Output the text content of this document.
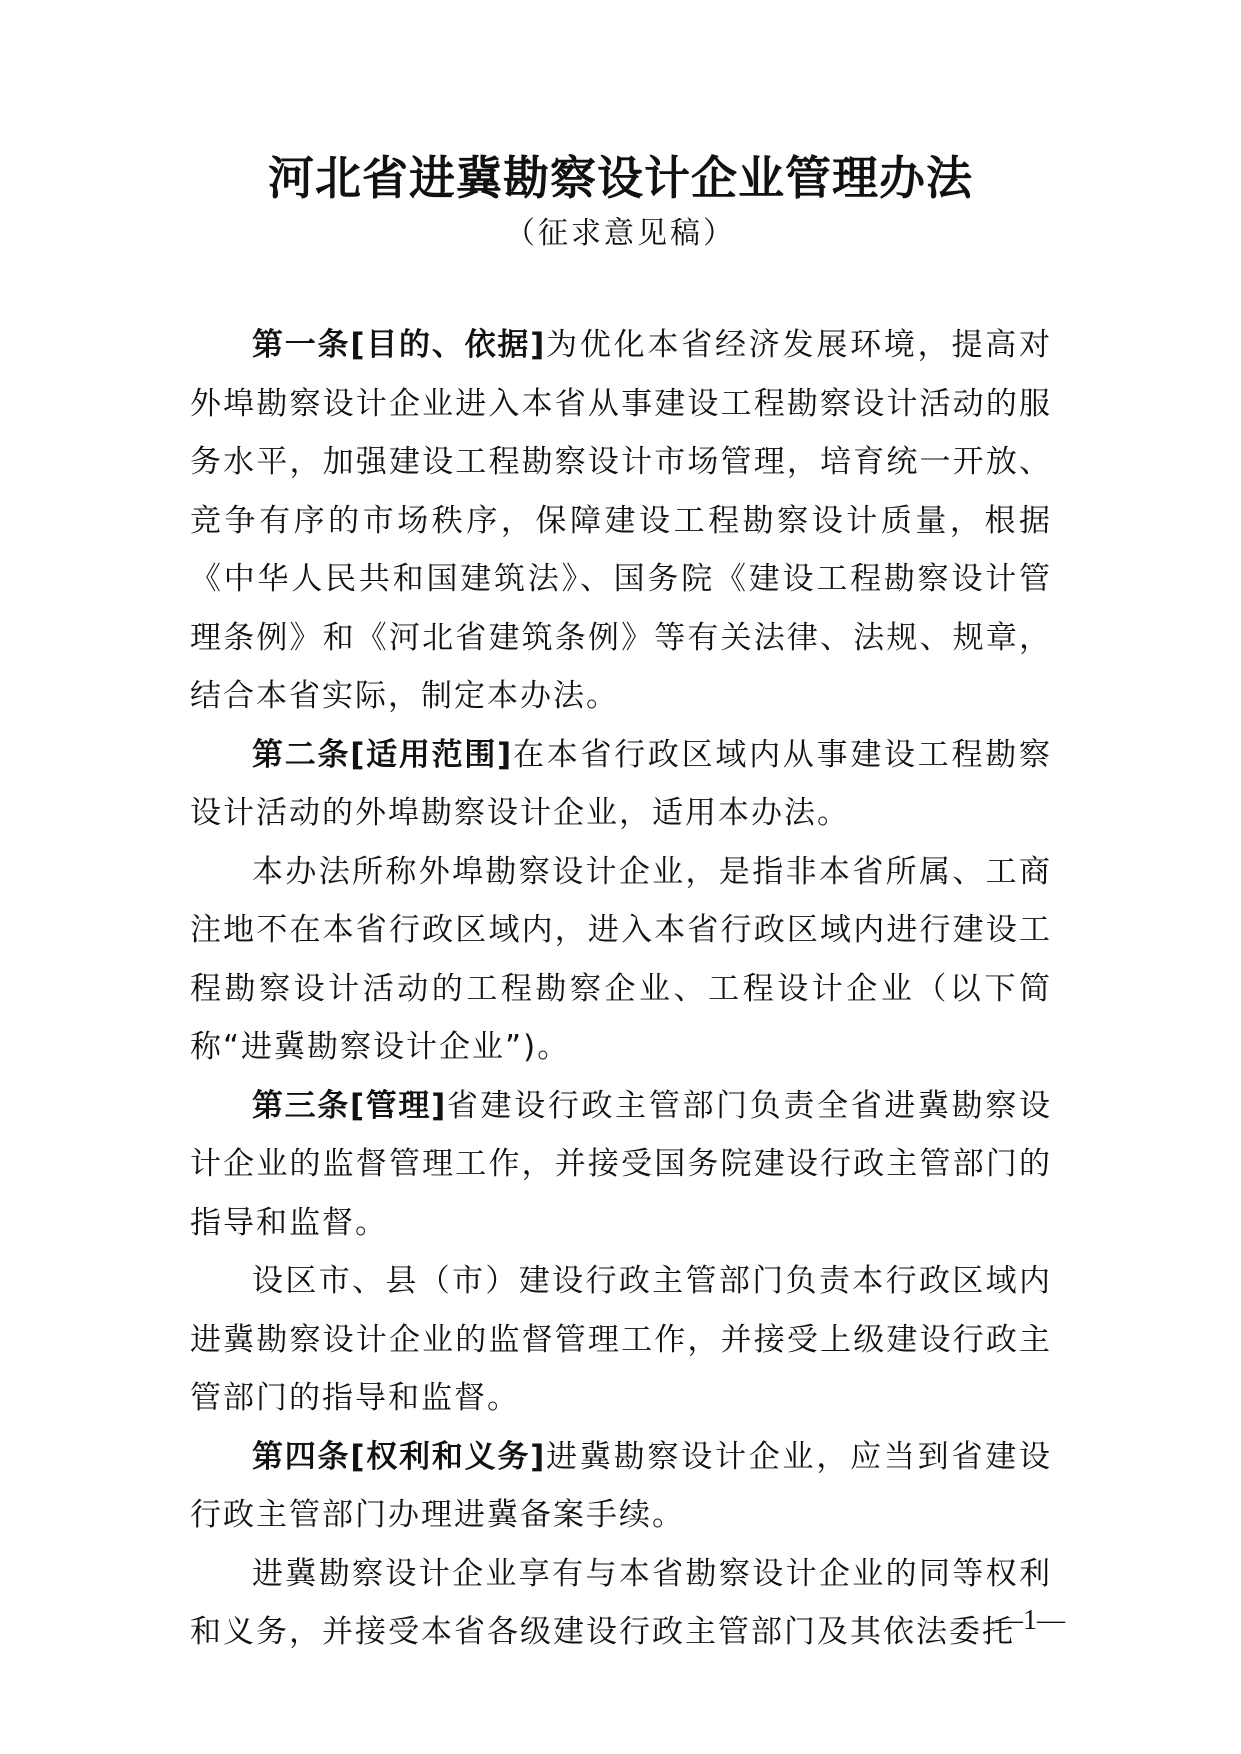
河北省进冀勘察设计企业管理办法

（征求意见稿）

第一条[目的、依据]为优化本省经济发展环境，提高对外埠勘察设计企业进入本省从事建设工程勘察设计活动的服务水平，加强建设工程勘察设计市场管理，培育统一开放、竞争有序的市场秩序，保障建设工程勘察设计质量，根据《中华人民共和国建筑法》、国务院《建设工程勘察设计管理条例》和《河北省建筑条例》等有关法律、法规、规章，结合本省实际，制定本办法。

第二条[适用范围]在本省行政区域内从事建设工程勘察设计活动的外埠勘察设计企业，适用本办法。

本办法所称外埠勘察设计企业，是指非本省所属、工商注地不在本省行政区域内，进入本省行政区域内进行建设工程勘察设计活动的工程勘察企业、工程设计企业（以下简称“进冀勘察设计企业”)。

第三条[管理]省建设行政主管部门负责全省进冀勘察设计企业的监督管理工作，并接受国务院建设行政主管部门的指导和监督。

设区市、县（市）建设行政主管部门负责本行政区域内进冀勘察设计企业的监督管理工作，并接受上级建设行政主管部门的指导和监督。

第四条[权利和义务]进冀勘察设计企业，应当到省建设行政主管部门办理进冀备案手续。

进冀勘察设计企业享有与本省勘察设计企业的同等权利和义务，并接受本省各级建设行政主管部门及其依法委托

—1—
